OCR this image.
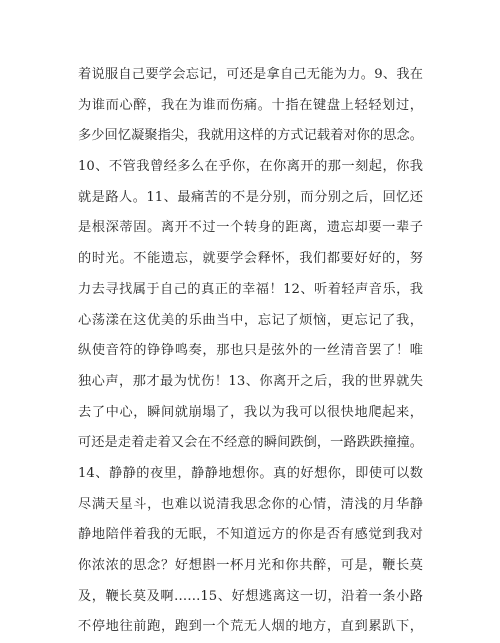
着说服自己要学会忘记，可还是拿自己无能为力。9、我在
为谁而心醉，我在为谁而伤痛。十指在键盘上轻轻划过，
多少回忆凝聚指尖，我就用这样的方式记载着对你的思念。
10、不管我曾经多么在乎你，在你离开的那一刻起，你我
就是路人。11、最痛苦的不是分别，而分别之后，回忆还
是根深蒂固。离开不过一个转身的距离，遗忘却要一辈子
的时光。不能遗忘，就要学会释怀，我们都要好好的，努
力去寻找属于自己的真正的幸福！12、听着轻声音乐，我
心荡漾在这优美的乐曲当中，忘记了烦恼，更忘记了我，
纵使音符的铮铮鸣奏，那也只是弦外的一丝清音罢了！唯
独心声，那才最为忧伤！13、你离开之后，我的世界就失
去了中心，瞬间就崩塌了，我以为我可以很快地爬起来，
可还是走着走着又会在不经意的瞬间跌倒，一路跌跌撞撞。
14、静静的夜里，静静地想你。真的好想你，即使可以数
尽满天星斗，也难以说清我思念你的心情，清浅的月华静
静地陪伴着我的无眠，不知道远方的你是否有感觉到我对
你浓浓的思念？好想斟一杯月光和你共醉，可是，鞭长莫
及，鞭长莫及啊……15、好想逃离这一切，沿着一条小路
不停地往前跑，跑到一个荒无人烟的地方，直到累趴下，
